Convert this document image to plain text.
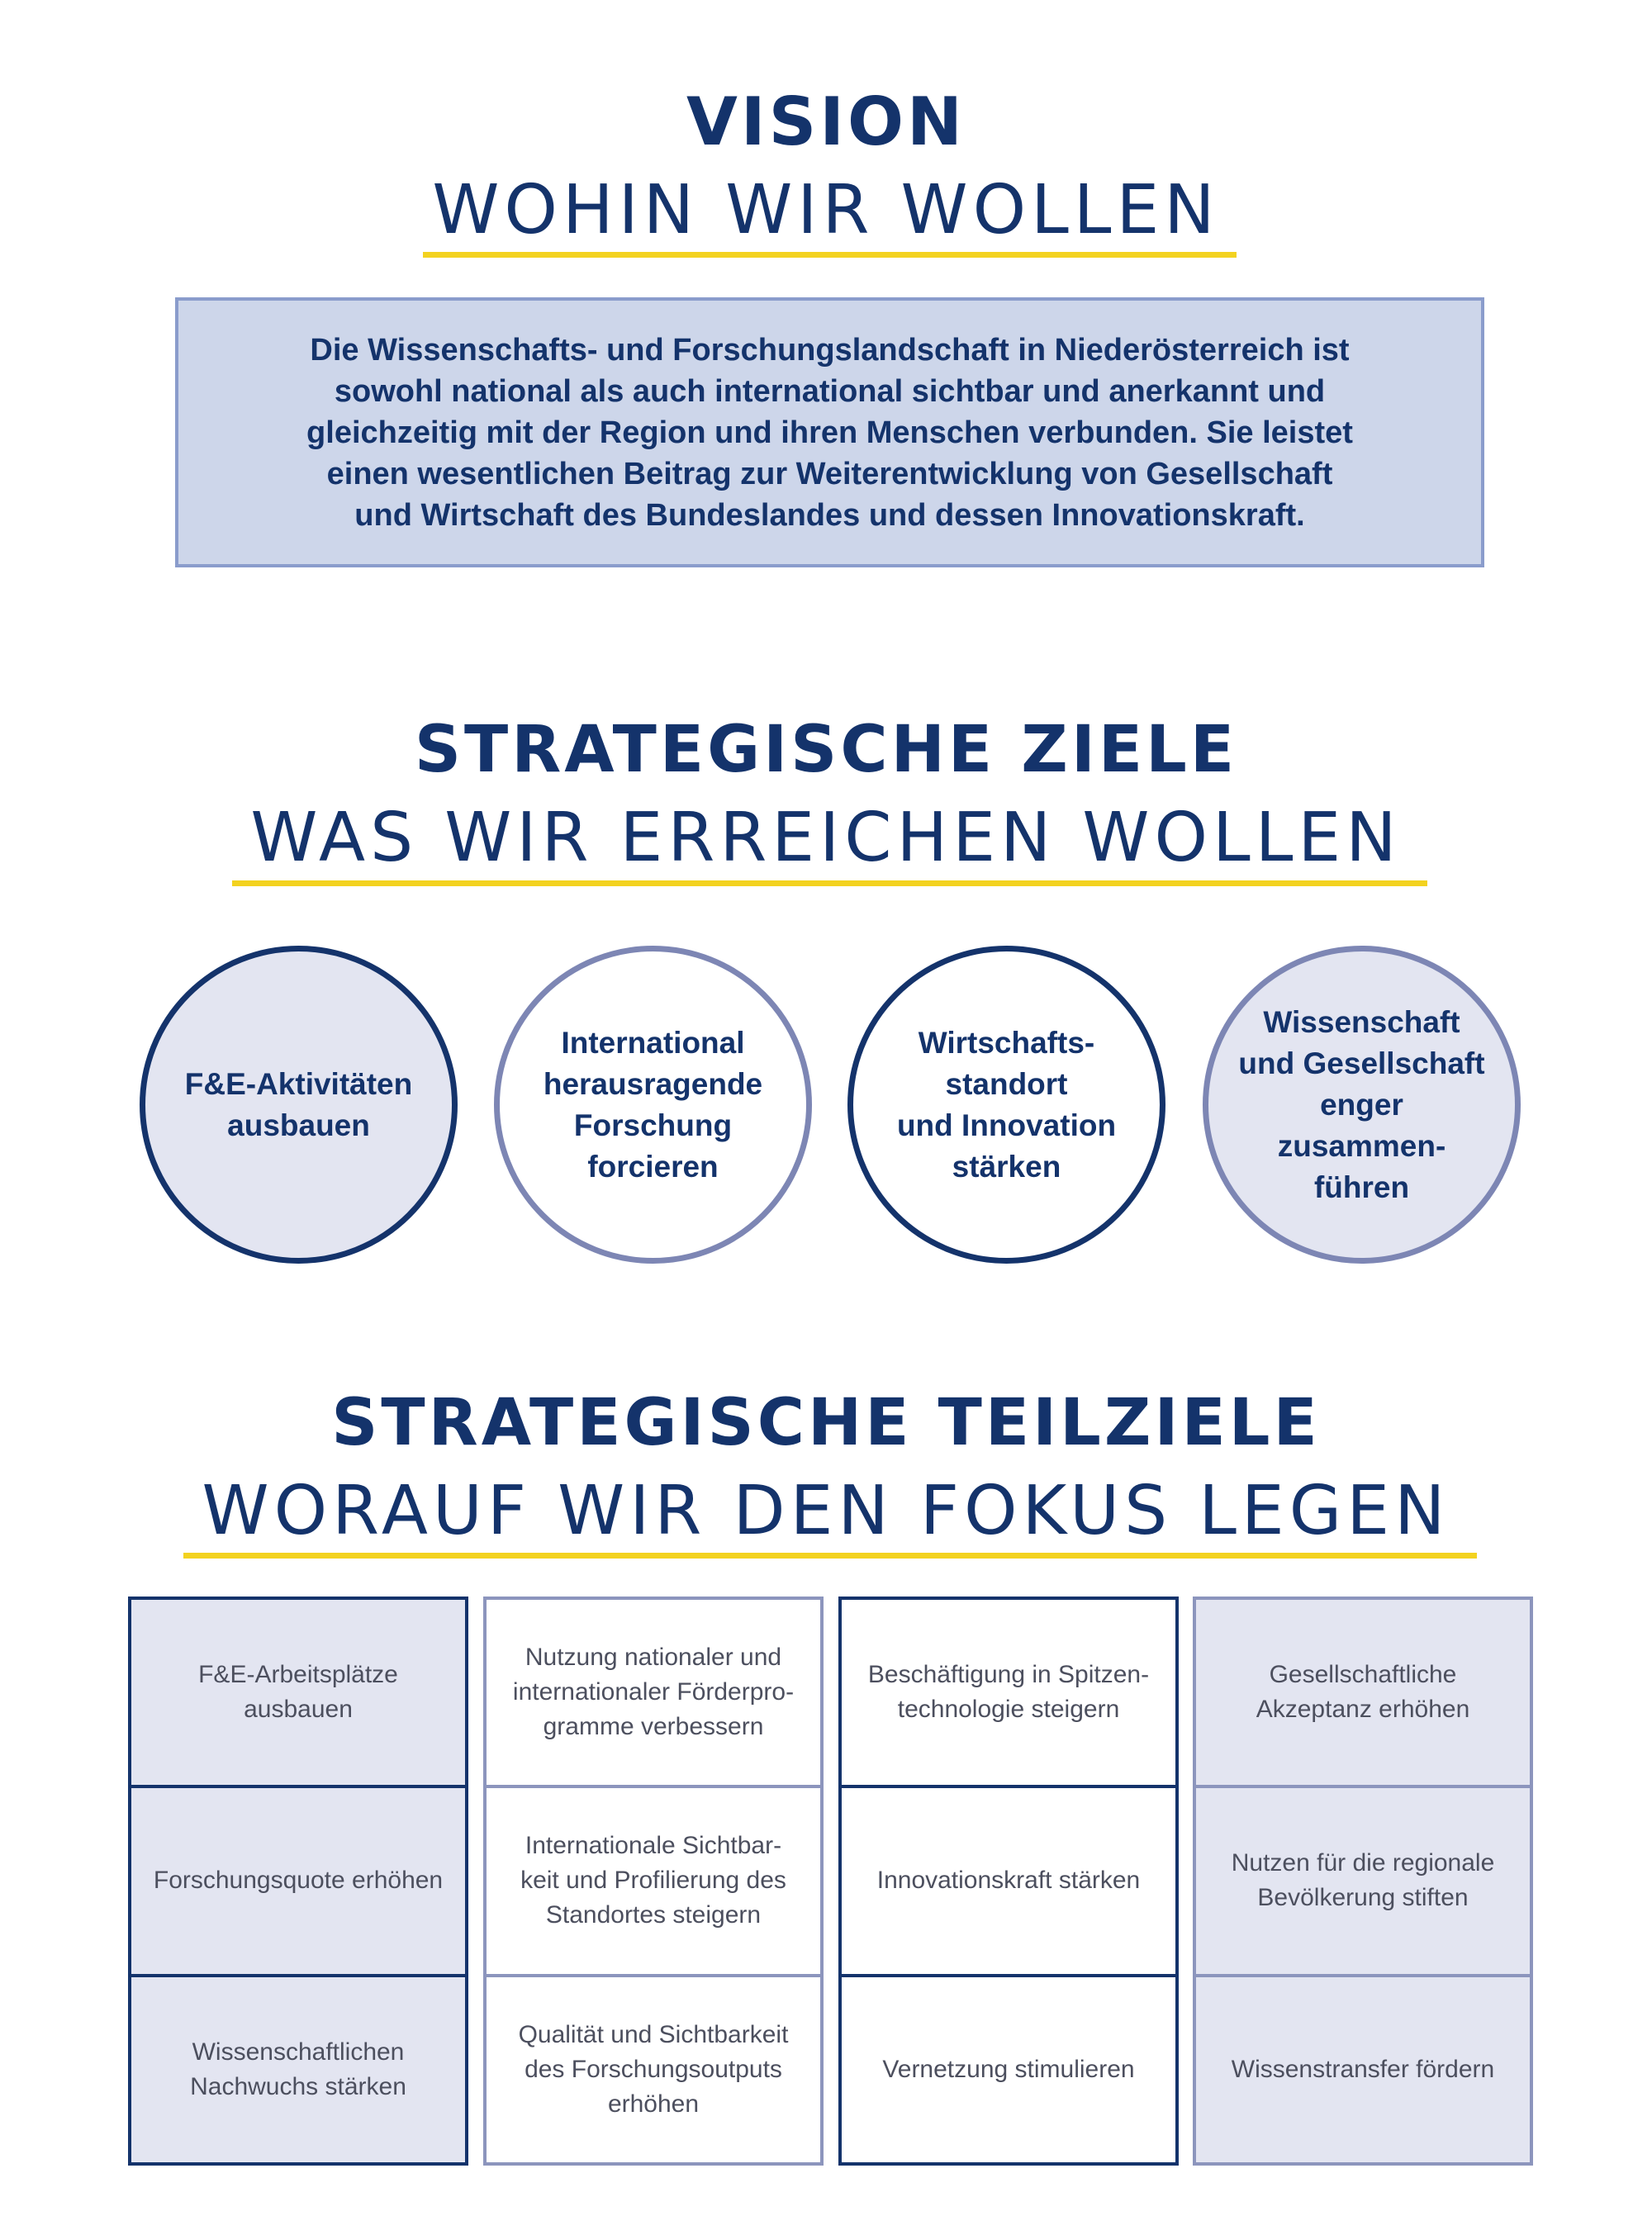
VISION
WOHIN WIR WOLLEN
Die Wissenschafts- und Forschungslandschaft in Niederösterreich ist
sowohl national als auch international sichtbar und anerkannt und
gleichzeitig mit der Region und ihren Menschen verbunden. Sie leistet
einen wesentlichen Beitrag zur Weiterentwicklung von Gesellschaft
und Wirtschaft des Bundeslandes und dessen Innovationskraft.
STRATEGISCHE ZIELE
WAS WIR ERREICHEN WOLLEN
F&E-Aktivitäten
ausbauen
International
herausragende
Forschung
forcieren
Wirtschafts-
standort
und Innovation
stärken
Wissenschaft
und Gesellschaft
enger zusammen-
führen
STRATEGISCHE TEILZIELE
WORAUF WIR DEN FOKUS LEGEN
F&E-Arbeitsplätze
ausbauen
Forschungsquote erhöhen
Wissenschaftlichen
Nachwuchs stärken
Nutzung nationaler und
internationaler Förderpro-
gramme verbessern
Internationale Sichtbar-
keit und Profilierung des
Standortes steigern
Qualität und Sichtbarkeit
des Forschungsoutputs
erhöhen
Beschäftigung in Spitzen-
technologie steigern
Innovationskraft stärken
Vernetzung stimulieren
Gesellschaftliche
Akzeptanz erhöhen
Nutzen für die regionale
Bevölkerung stiften
Wissenstransfer fördern
